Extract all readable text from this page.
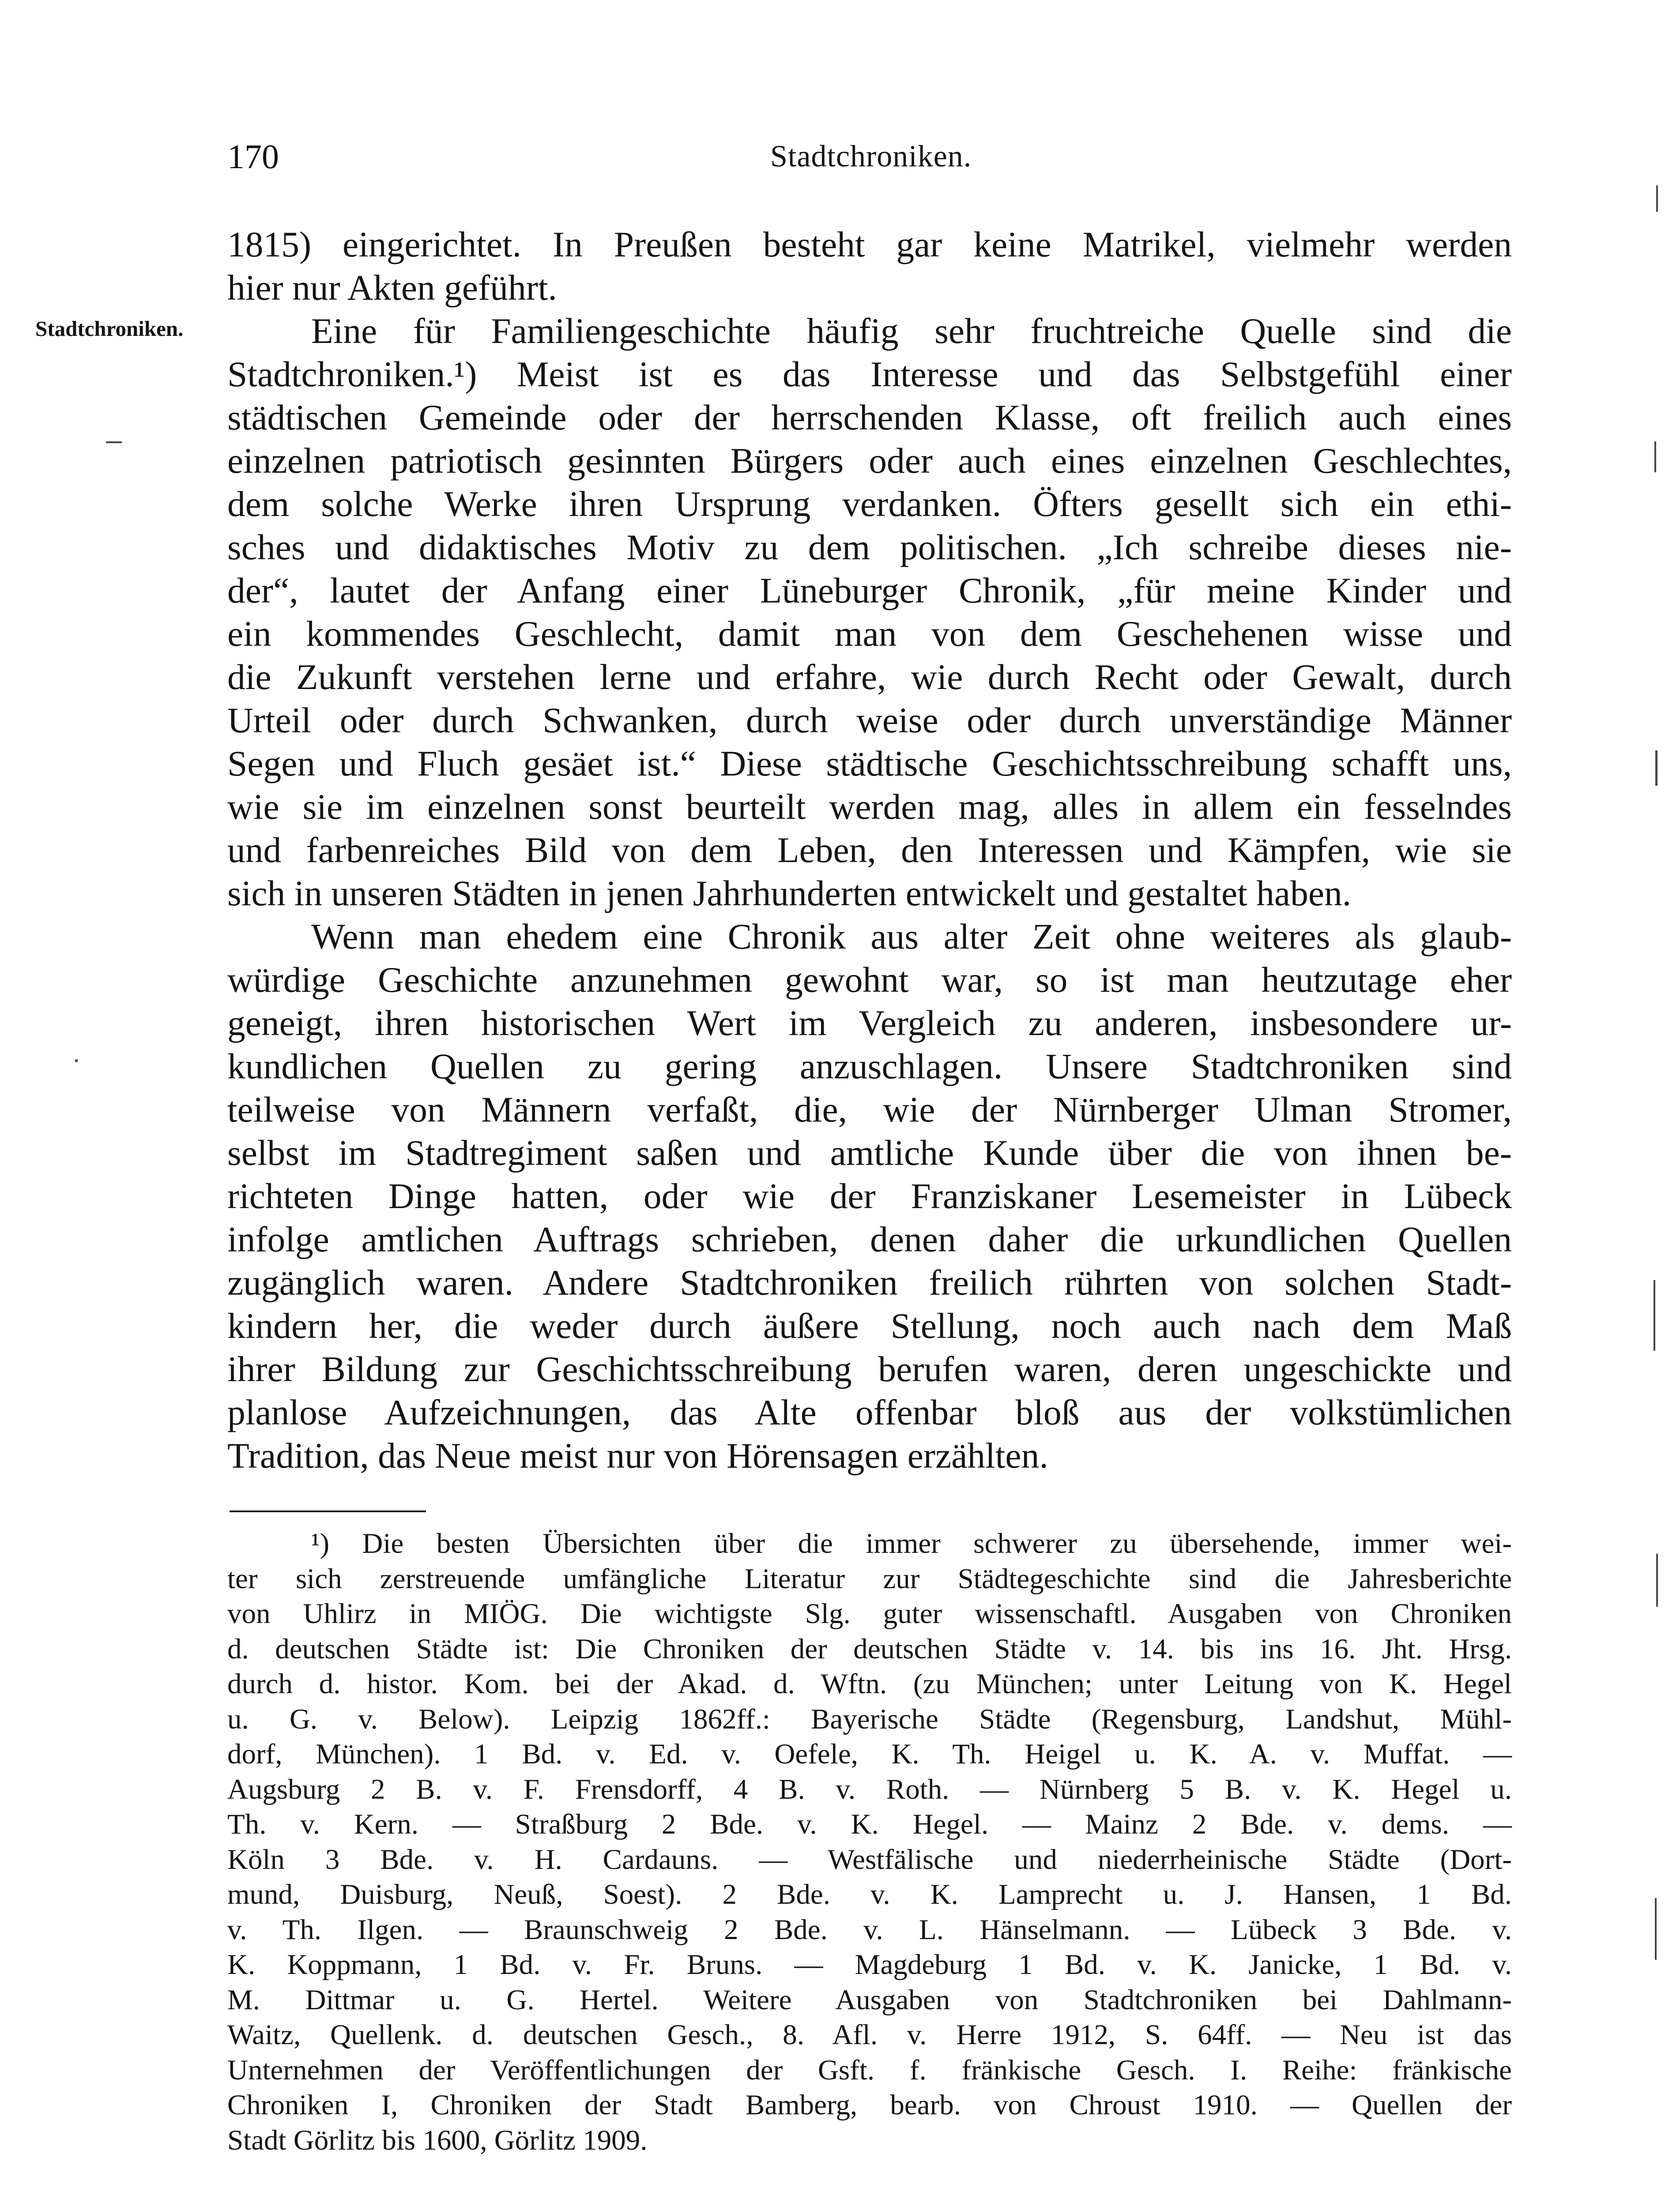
170	Stadtchroniken.
Stadtchroniken.
1815) eingerichtet. In Preußen besteht gar keine Matrikel, vielmehr werden
hier nur Akten geführt.
Eine für Familiengeschichte häufig sehr fruchtreiche Quelle sind die
Stadtchroniken.¹) Meist ist es das Interesse und das Selbstgefühl einer
städtischen Gemeinde oder der herrschenden Klasse, oft freilich auch eines
einzelnen patriotisch gesinnten Bürgers oder auch eines einzelnen Geschlechtes,
dem solche Werke ihren Ursprung verdanken. Öfters gesellt sich ein ethi-
sches und didaktisches Motiv zu dem politischen. „Ich schreibe dieses nie-
der“, lautet der Anfang einer Lüneburger Chronik, „für meine Kinder und
ein kommendes Geschlecht, damit man von dem Geschehenen wisse und
die Zukunft verstehen lerne und erfahre, wie durch Recht oder Gewalt, durch
Urteil oder durch Schwanken, durch weise oder durch unverständige Männer
Segen und Fluch gesäet ist.“ Diese städtische Geschichtsschreibung schafft uns,
wie sie im einzelnen sonst beurteilt werden mag, alles in allem ein fesselndes
und farbenreiches Bild von dem Leben, den Interessen und Kämpfen, wie sie
sich in unseren Städten in jenen Jahrhunderten entwickelt und gestaltet haben.
Wenn man ehedem eine Chronik aus alter Zeit ohne weiteres als glaub-
würdige Geschichte anzunehmen gewohnt war, so ist man heutzutage eher
geneigt, ihren historischen Wert im Vergleich zu anderen, insbesondere ur-
kundlichen Quellen zu gering anzuschlagen. Unsere Stadtchroniken sind
teilweise von Männern verfaßt, die, wie der Nürnberger Ulman Stromer,
selbst im Stadtregiment saßen und amtliche Kunde über die von ihnen be-
richteten Dinge hatten, oder wie der Franziskaner Lesemeister in Lübeck
infolge amtlichen Auftrags schrieben, denen daher die urkundlichen Quellen
zugänglich waren. Andere Stadtchroniken freilich rührten von solchen Stadt-
kindern her, die weder durch äußere Stellung, noch auch nach dem Maß
ihrer Bildung zur Geschichtsschreibung berufen waren, deren ungeschickte und
planlose Aufzeichnungen, das Alte offenbar bloß aus der volkstümlichen
Tradition, das Neue meist nur von Hörensagen erzählten.
¹) Die besten Übersichten über die immer schwerer zu übersehende, immer wei-
ter sich zerstreuende umfängliche Literatur zur Städtegeschichte sind die Jahresberichte
von Uhlirz in MIÖG. Die wichtigste Slg. guter wissenschaftl. Ausgaben von Chroniken
d. deutschen Städte ist: Die Chroniken der deutschen Städte v. 14. bis ins 16. Jht. Hrsg.
durch d. histor. Kom. bei der Akad. d. Wftn. (zu München; unter Leitung von K. Hegel
u. G. v. Below). Leipzig 1862ff.: Bayerische Städte (Regensburg, Landshut, Mühl-
dorf, München). 1 Bd. v. Ed. v. Oefele, K. Th. Heigel u. K. A. v. Muffat. —
Augsburg 2 B. v. F. Frensdorff, 4 B. v. Roth. — Nürnberg 5 B. v. K. Hegel u.
Th. v. Kern. — Straßburg 2 Bde. v. K. Hegel. — Mainz 2 Bde. v. dems. —
Köln 3 Bde. v. H. Cardauns. — Westfälische und niederrheinische Städte (Dort-
mund, Duisburg, Neuß, Soest). 2 Bde. v. K. Lamprecht u. J. Hansen, 1 Bd.
v. Th. Ilgen. — Braunschweig 2 Bde. v. L. Hänselmann. — Lübeck 3 Bde. v.
K. Koppmann, 1 Bd. v. Fr. Bruns. — Magdeburg 1 Bd. v. K. Janicke, 1 Bd. v.
M. Dittmar u. G. Hertel. Weitere Ausgaben von Stadtchroniken bei Dahlmann-
Waitz, Quellenk. d. deutschen Gesch., 8. Afl. v. Herre 1912, S. 64ff. — Neu ist das
Unternehmen der Veröffentlichungen der Gsft. f. fränkische Gesch. I. Reihe: fränkische
Chroniken I, Chroniken der Stadt Bamberg, bearb. von Chroust 1910. — Quellen der
Stadt Görlitz bis 1600, Görlitz 1909.
